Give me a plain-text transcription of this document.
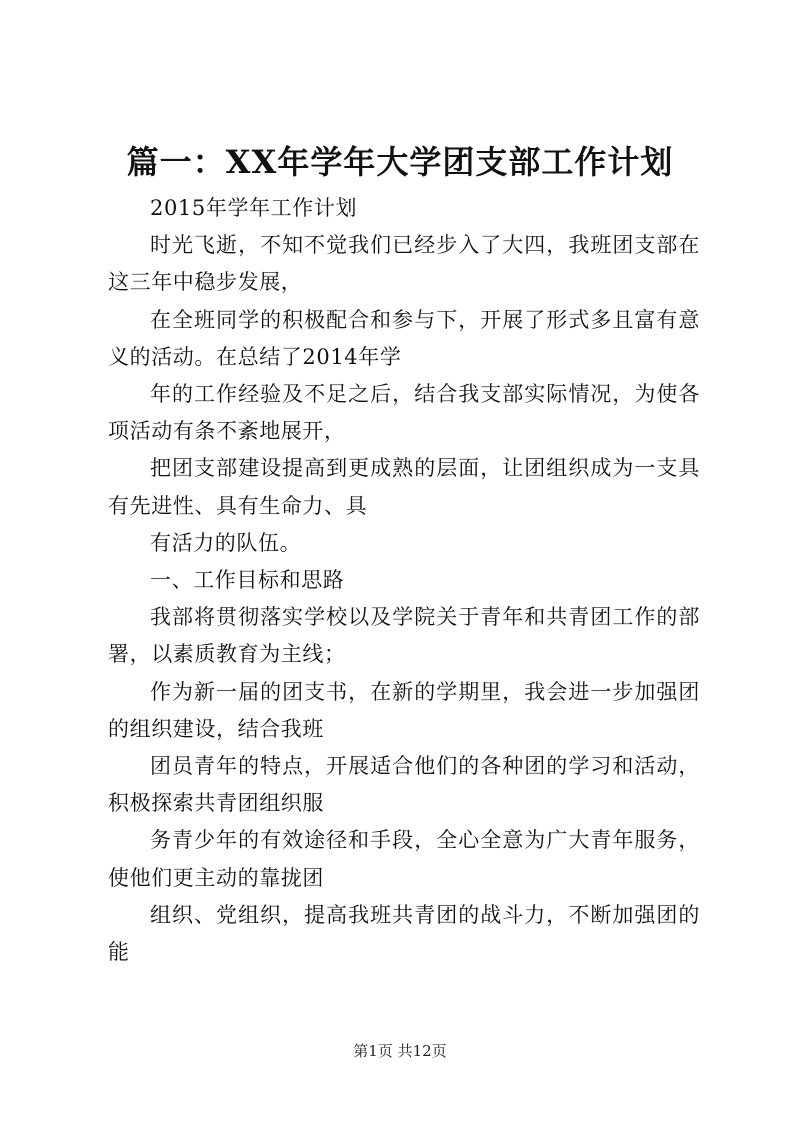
篇一：XX年学年大学团支部工作计划

2015年学年工作计划

时光飞逝，不知不觉我们已经步入了大四，我班团支部在这三年中稳步发展，

在全班同学的积极配合和参与下，开展了形式多且富有意义的活动。在总结了2014年学

年的工作经验及不足之后，结合我支部实际情况，为使各项活动有条不紊地展开，

把团支部建设提高到更成熟的层面，让团组织成为一支具有先进性、具有生命力、具

有活力的队伍。

一、工作目标和思路

我部将贯彻落实学校以及学院关于青年和共青团工作的部署，以素质教育为主线；

作为新一届的团支书，在新的学期里，我会进一步加强团的组织建设，结合我班

团员青年的特点，开展适合他们的各种团的学习和活动，积极探索共青团组织服

务青少年的有效途径和手段，全心全意为广大青年服务，使他们更主动的靠拢团

组织、党组织，提高我班共青团的战斗力，不断加强团的能

第1页 共12页
